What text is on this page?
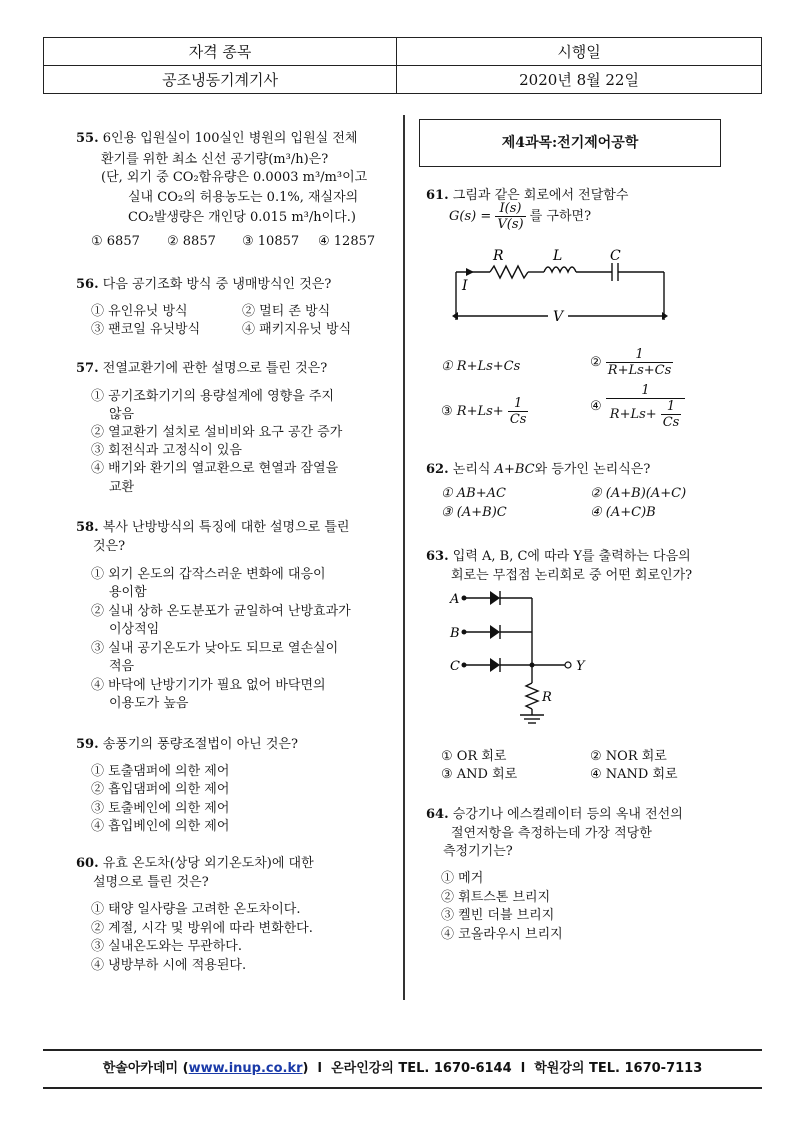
자격 종목	시행일
공조냉동기계기사	2020년 8월 22일
55. 6인용 입원실이 100실인 병원의 입원실 전체
환기를 위한 최소 신선 공기량(m³/h)은?
(단, 외기 중 CO₂함유량은 0.0003 m³/m³이고
실내 CO₂의 허용농도는 0.1%, 재실자의
CO₂발생량은 개인당 0.015 m³/h이다.)
① 6857 ② 8857 ③ 10857 ④ 12857
56. 다음 공기조화 방식 중 냉매방식인 것은?
① 유인유닛 방식	② 멀티 존 방식
③ 팬코일 유닛방식	④ 패키지유닛 방식
57. 전열교환기에 관한 설명으로 틀린 것은?
① 공기조화기기의 용량설계에 영향을 주지
않음
② 열교환기 설치로 설비비와 요구 공간 증가
③ 회전식과 고정식이 있음
④ 배기와 환기의 열교환으로 현열과 잠열을
교환
58. 복사 난방방식의 특징에 대한 설명으로 틀린
것은?
① 외기 온도의 갑작스러운 변화에 대응이
용이함
② 실내 상하 온도분포가 균일하여 난방효과가
이상적임
③ 실내 공기온도가 낮아도 되므로 열손실이
적음
④ 바닥에 난방기기가 필요 없어 바닥면의
이용도가 높음
59. 송풍기의 풍량조절법이 아닌 것은?
① 토출댐퍼에 의한 제어
② 흡입댐퍼에 의한 제어
③ 토출베인에 의한 제어
④ 흡입베인에 의한 제어
60. 유효 온도차(상당 외기온도차)에 대한
설명으로 틀린 것은?
① 태양 일사량을 고려한 온도차이다.
② 계절, 시각 및 방위에 따라 변화한다.
③ 실내온도와는 무관하다.
④ 냉방부하 시에 적용된다.
제4과목:전기제어공학
61. 그림과 같은 회로에서 전달함수
$G(s) = \frac{I(s)}{V(s)}$ 를 구하면?
R	L	C
I
V
① R+Ls+Cs	② $\frac{1}{R+Ls+Cs}$
③ $R+Ls+ \frac{1}{Cs}$	④ $\frac{1}{R+Ls+ \frac{1}{Cs}}$
62. 논리식 A+BC와 등가인 논리식은?
① AB+AC	② (A+B)(A+C)
③ (A+B)C	④ (A+C)B
63. 입력 A, B, C에 따라 Y를 출력하는 다음의
회로는 무접점 논리회로 중 어떤 회로인가?
A
B
C	Y
R
① OR 회로	② NOR 회로
③ AND 회로	④ NAND 회로
64. 승강기나 에스컬레이터 등의 옥내 전선의
절연저항을 측정하는데 가장 적당한
측정기기는?
① 메거
② 휘트스톤 브리지
③ 켈빈 더블 브리지
④ 코올라우시 브리지
한솔아카데미 (www.inup.co.kr)  l 온라인강의 TEL. 1670-6144 l 학원강의 TEL. 1670-7113
